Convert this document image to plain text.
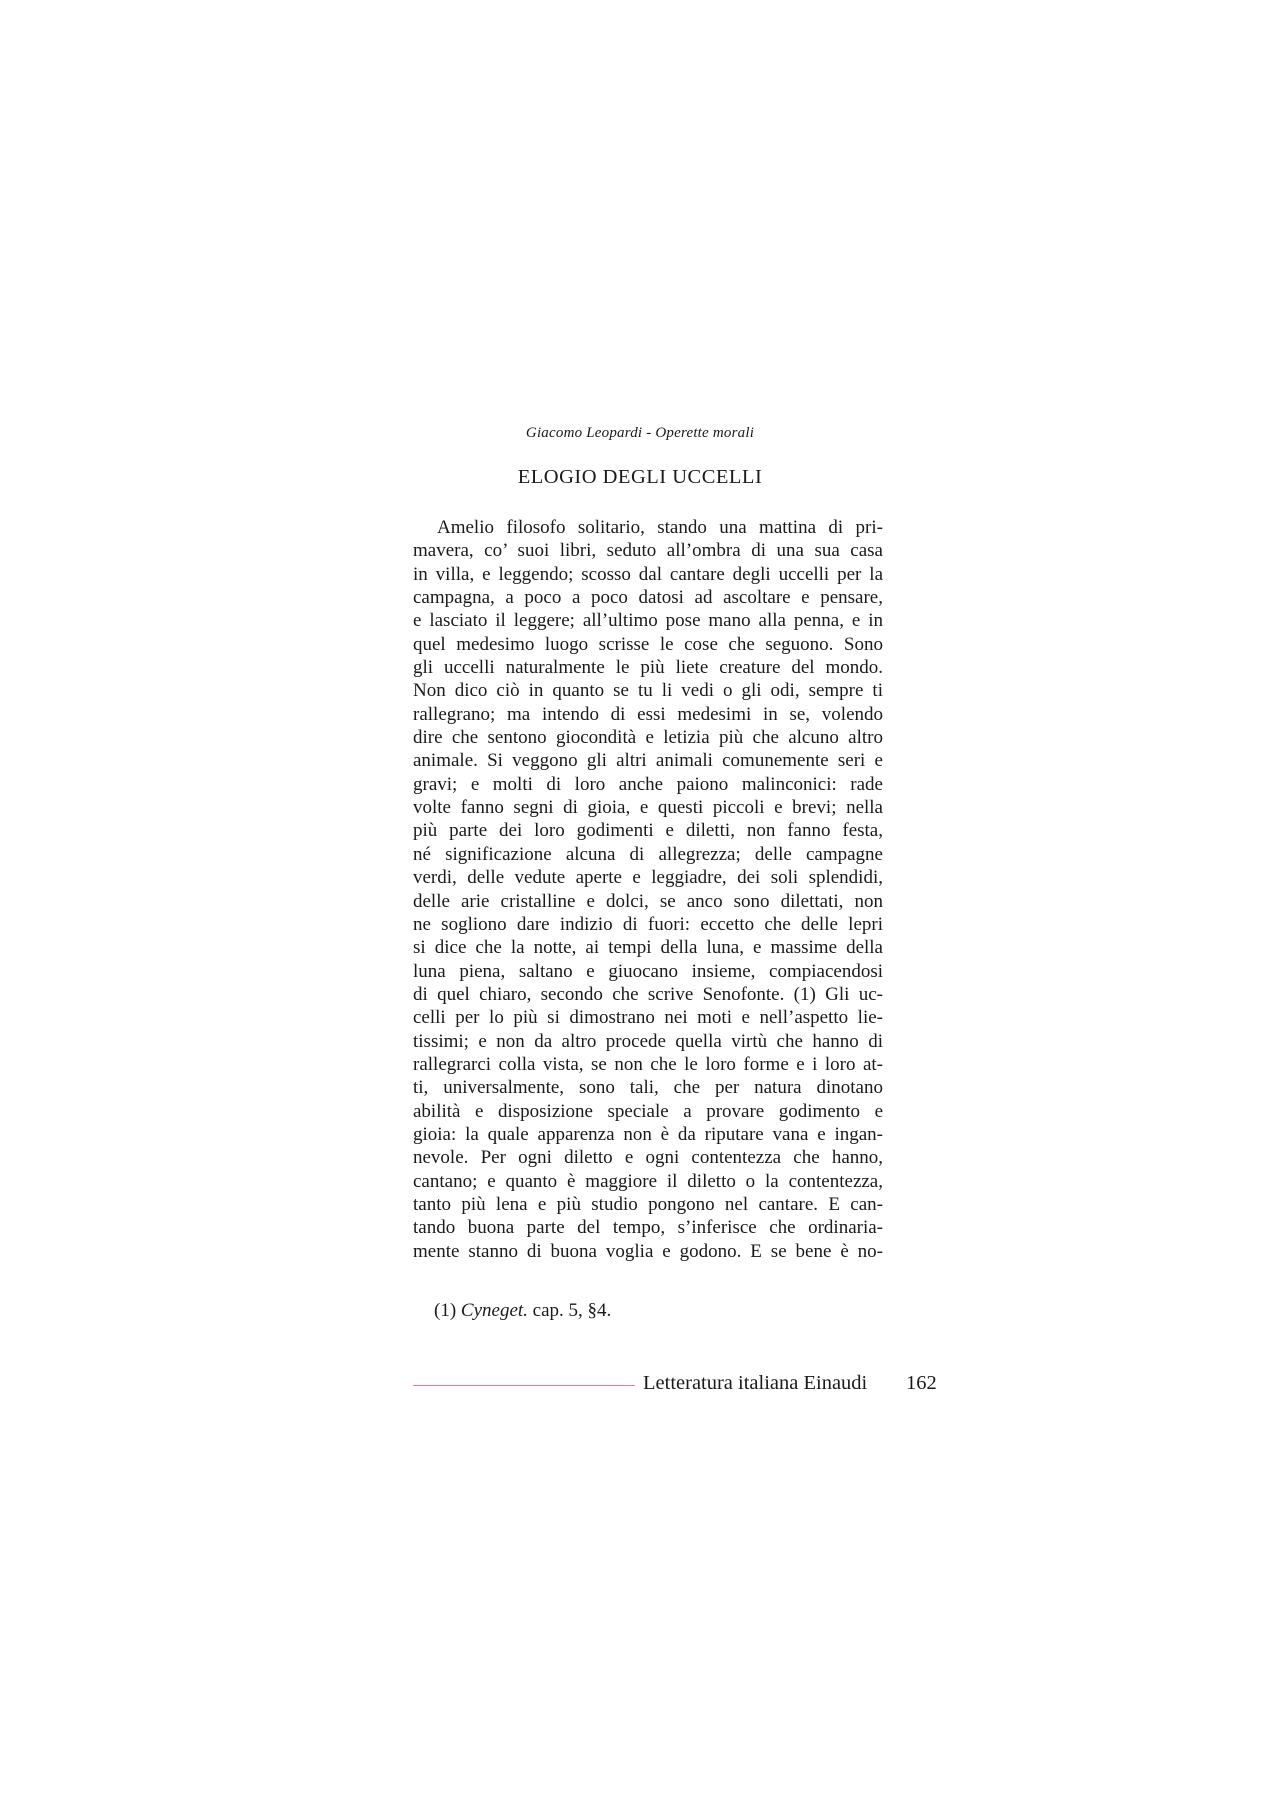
Giacomo Leopardi - Operette morali
ELOGIO DEGLI UCCELLI
Amelio filosofo solitario, stando una mattina di pri-
mavera, co’ suoi libri, seduto all’ombra di una sua casa
in villa, e leggendo; scosso dal cantare degli uccelli per la
campagna, a poco a poco datosi ad ascoltare e pensare,
e lasciato il leggere; all’ultimo pose mano alla penna, e in
quel medesimo luogo scrisse le cose che seguono. Sono
gli uccelli naturalmente le più liete creature del mondo.
Non dico ciò in quanto se tu li vedi o gli odi, sempre ti
rallegrano; ma intendo di essi medesimi in se, volendo
dire che sentono giocondità e letizia più che alcuno altro
animale. Si veggono gli altri animali comunemente seri e
gravi; e molti di loro anche paiono malinconici: rade
volte fanno segni di gioia, e questi piccoli e brevi; nella
più parte dei loro godimenti e diletti, non fanno festa,
né significazione alcuna di allegrezza; delle campagne
verdi, delle vedute aperte e leggiadre, dei soli splendidi,
delle arie cristalline e dolci, se anco sono dilettati, non
ne sogliono dare indizio di fuori: eccetto che delle lepri
si dice che la notte, ai tempi della luna, e massime della
luna piena, saltano e giuocano insieme, compiacendosi
di quel chiaro, secondo che scrive Senofonte. (1) Gli uc-
celli per lo più si dimostrano nei moti e nell’aspetto lie-
tissimi; e non da altro procede quella virtù che hanno di
rallegrarci colla vista, se non che le loro forme e i loro at-
ti, universalmente, sono tali, che per natura dinotano
abilità e disposizione speciale a provare godimento e
gioia: la quale apparenza non è da riputare vana e ingan-
nevole. Per ogni diletto e ogni contentezza che hanno,
cantano; e quanto è maggiore il diletto o la contentezza,
tanto più lena e più studio pongono nel cantare. E can-
tando buona parte del tempo, s’inferisce che ordinaria-
mente stanno di buona voglia e godono. E se bene è no-
(1) Cyneget. cap. 5, §4.
Letteratura italiana Einaudi 162
